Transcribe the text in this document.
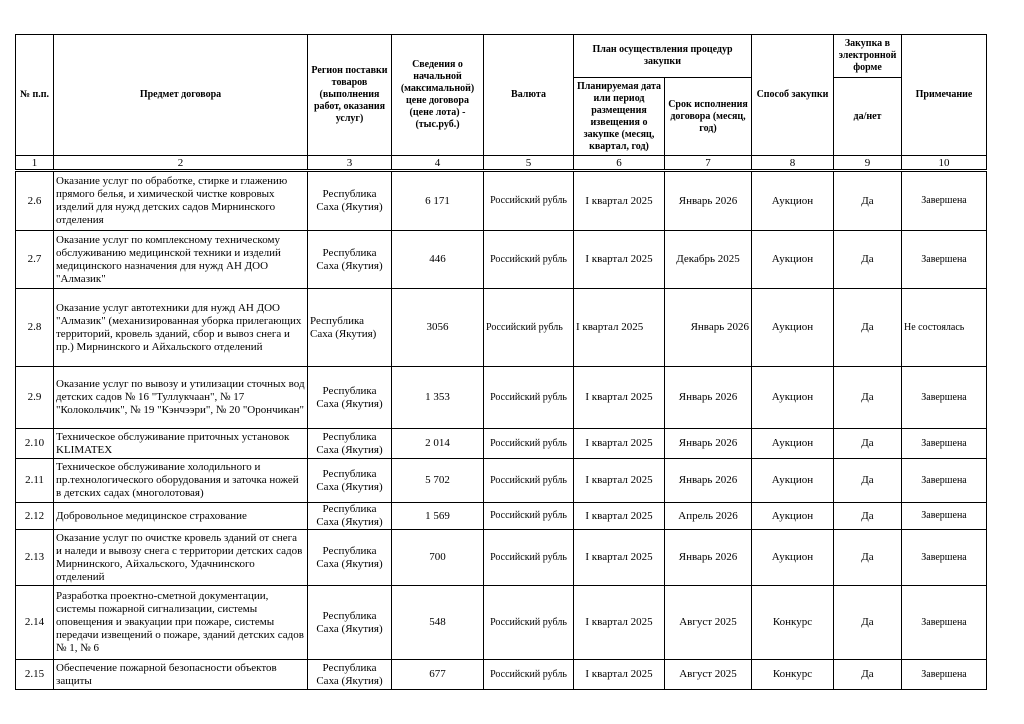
№ п.п.	Предмет договора	Регион поставки товаров (выполнения работ, оказания услуг)	Сведения о начальной (максимальной) цене договора (цене лота) - (тыс.руб.)	Валюта	План осуществления процедур закупки		Способ закупки	Закупка в электронной форме	Примечание
					Планируемая дата или период размещения извещения о закупке (месяц, квартал, год)	Срок исполнения договора (месяц, год)		да/нет	
1	2	3	4	5	6	7	8	9	10
2.6	Оказание услуг по обработке, стирке и глажению прямого белья, и химической чистке ковровых изделий для нужд детских садов Мирнинского отделения	Республика Саха (Якутия)	6 171	Российский рубль	I квартал 2025	Январь 2026	Аукцион	Да	Завершена
2.7	Оказание услуг по комплексному техническому обслуживанию медицинской техники и изделий медицинского назначения для нужд АН ДОО "Алмазик"	Республика Саха (Якутия)	446	Российский рубль	I квартал 2025	Декабрь 2025	Аукцион	Да	Завершена
2.8	Оказание услуг автотехники для нужд АН ДОО "Алмазик" (механизированная уборка прилегающих территорий, кровель зданий, сбор и вывоз снега и пр.) Мирнинского и Айхальского отделений	Республика Саха (Якутия)	3056	Российский рубль	I квартал 2025	Январь 2026	Аукцион	Да	Не состоялась
2.9	Оказание услуг по вывозу и утилизации сточных вод детских садов № 16 "Туллукчаан", № 17 "Колокольчик", № 19 "Кэнчээри", № 20 "Орончикан"	Республика Саха (Якутия)	1 353	Российский рубль	I квартал 2025	Январь 2026	Аукцион	Да	Завершена
2.10	Техническое обслуживание приточных установок KLIMATEX	Республика Саха (Якутия)	2 014	Российский рубль	I квартал 2025	Январь 2026	Аукцион	Да	Завершена
2.11	Техническое обслуживание холодильного и пр.технологического оборудования и заточка ножей в детских садах (многолотовая)	Республика Саха (Якутия)	5 702	Российский рубль	I квартал 2025	Январь 2026	Аукцион	Да	Завершена
2.12	Добровольное медицинское страхование	Республика Саха (Якутия)	1 569	Российский рубль	I квартал 2025	Апрель 2026	Аукцион	Да	Завершена
2.13	Оказание услуг по очистке кровель зданий от снега и наледи и вывозу снега с территории детских садов Мирнинского, Айхальского, Удачнинского отделений	Республика Саха (Якутия)	700	Российский рубль	I квартал 2025	Январь 2026	Аукцион	Да	Завершена
2.14	Разработка проектно-сметной документации, системы пожарной сигнализации, системы оповещения и эвакуации при пожаре, системы передачи извещений о пожаре, зданий детских садов № 1, № 6	Республика Саха (Якутия)	548	Российский рубль	I квартал 2025	Август 2025	Конкурс	Да	Завершена
2.15	Обеспечение пожарной безопасности объектов защиты	Республика Саха (Якутия)	677	Российский рубль	I квартал 2025	Август 2025	Конкурс	Да	Завершена
